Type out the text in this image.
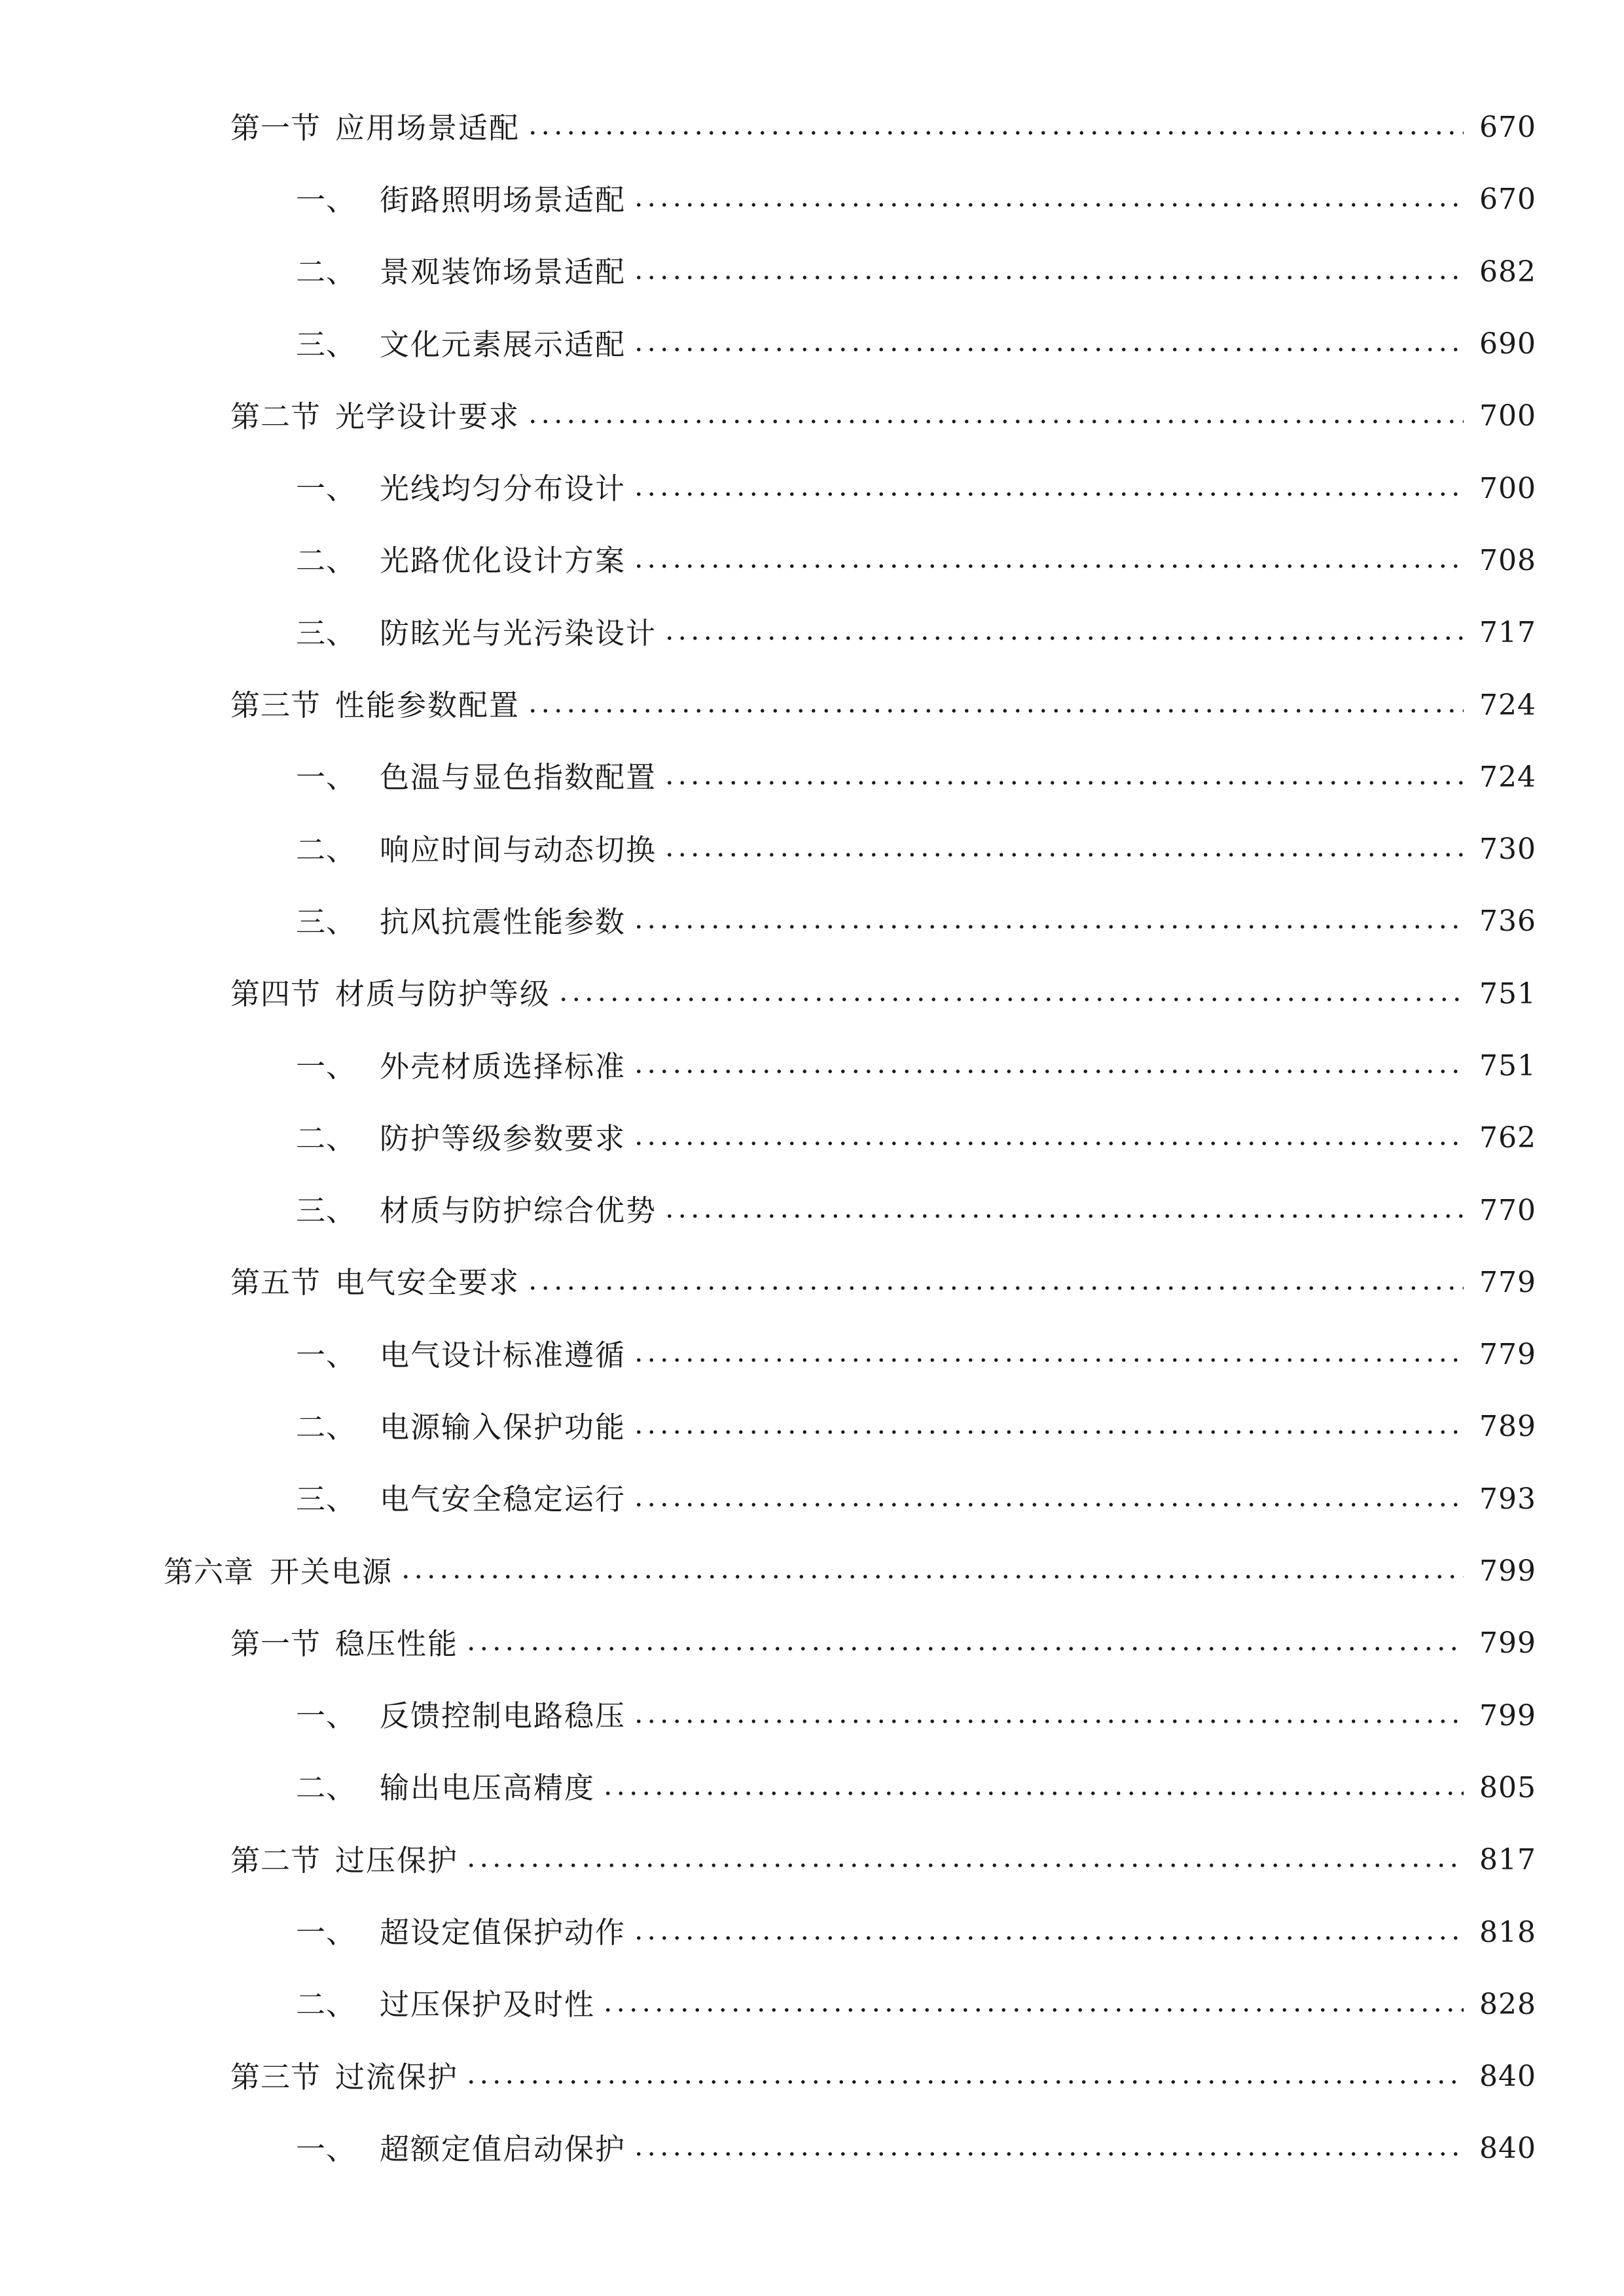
第一节 应用场景适配	670
一、 街路照明场景适配	670
二、 景观装饰场景适配	682
三、 文化元素展示适配	690
第二节 光学设计要求	700
一、 光线均匀分布设计	700
二、 光路优化设计方案	708
三、 防眩光与光污染设计	717
第三节 性能参数配置	724
一、 色温与显色指数配置	724
二、 响应时间与动态切换	730
三、 抗风抗震性能参数	736
第四节 材质与防护等级	751
一、 外壳材质选择标准	751
二、 防护等级参数要求	762
三、 材质与防护综合优势	770
第五节 电气安全要求	779
一、 电气设计标准遵循	779
二、 电源输入保护功能	789
三、 电气安全稳定运行	793
第六章 开关电源	799
第一节 稳压性能	799
一、 反馈控制电路稳压	799
二、 输出电压高精度	805
第二节 过压保护	817
一、 超设定值保护动作	818
二、 过压保护及时性	828
第三节 过流保护	840
一、 超额定值启动保护	840
